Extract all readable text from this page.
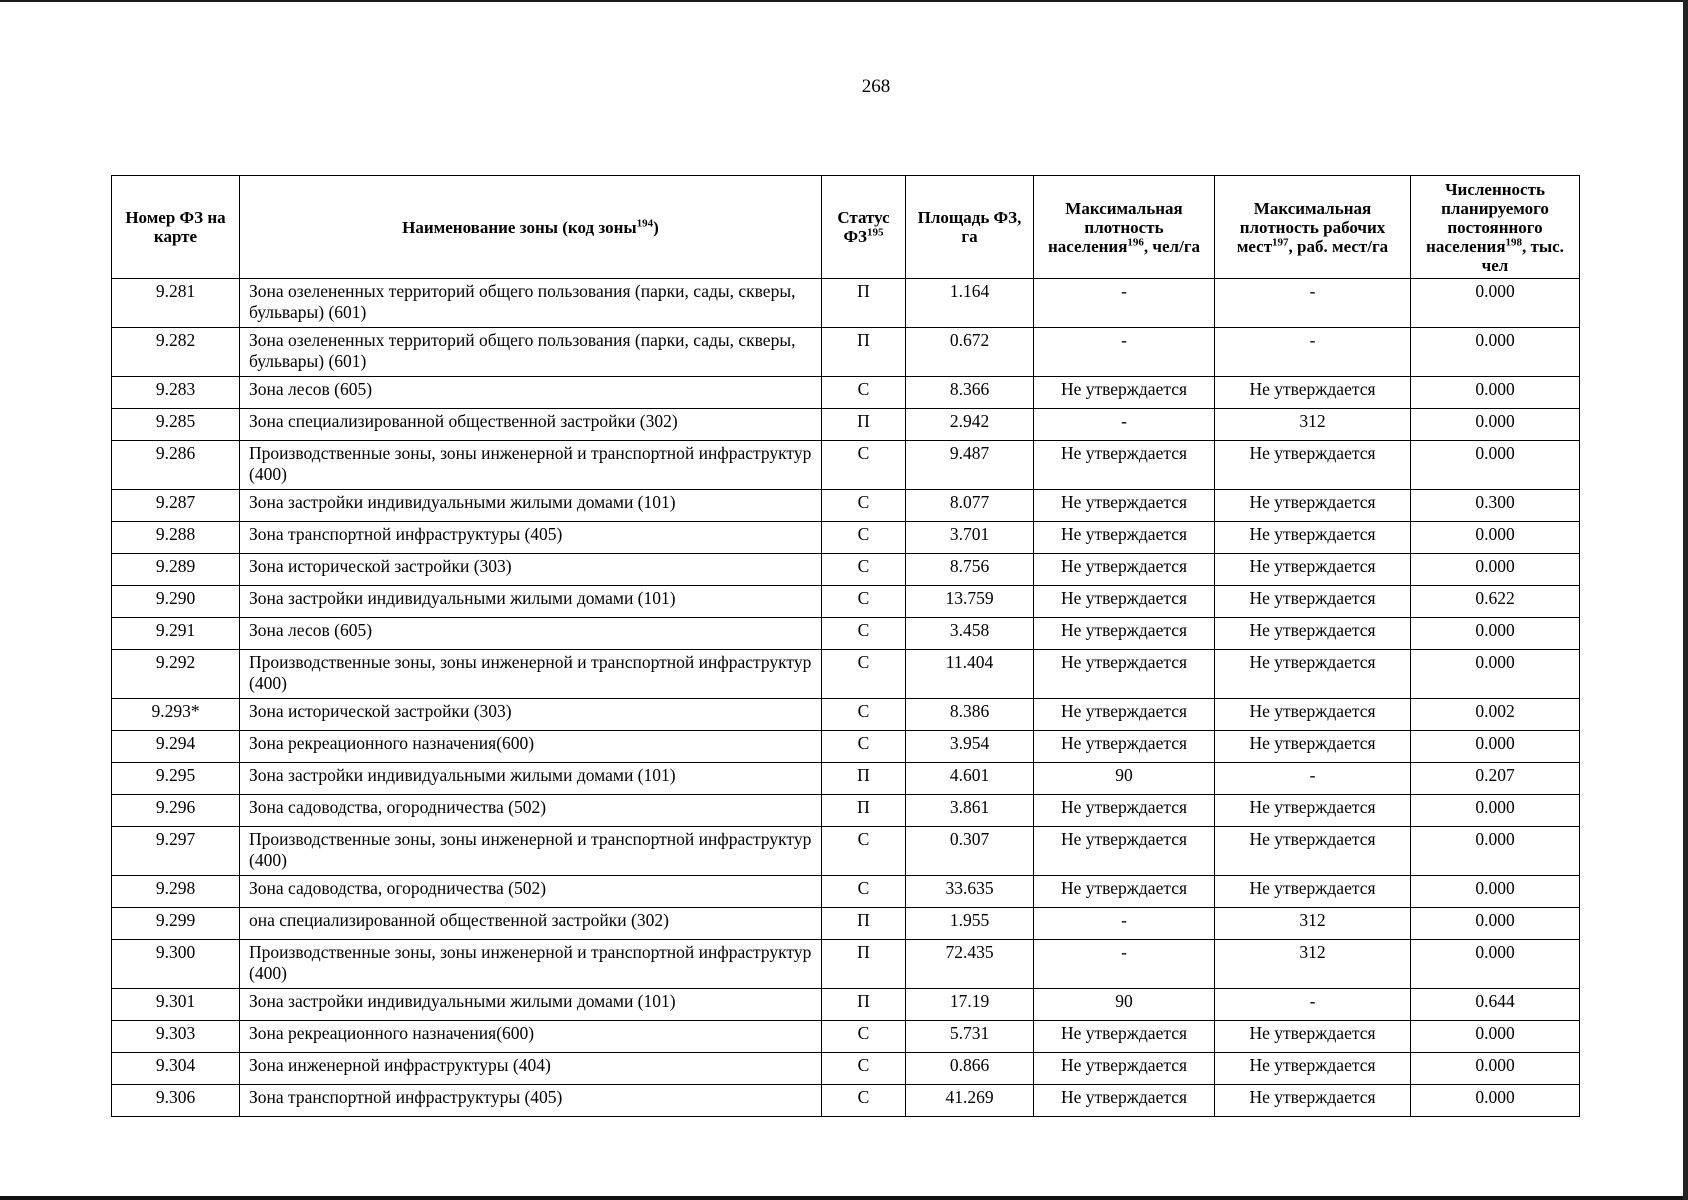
268
Номер ФЗ на карте	Наименование зоны (код зоны$^{194}$)	Статус ФЗ$^{195}$	Площадь ФЗ, га	Максимальная плотность населения$^{196}$, чел/га	Максимальная плотность рабочих мест$^{197}$, раб. мест/га	Численность планируемого постоянного населения$^{198}$, тыс. чел
9.281	Зона озелененных территорий общего пользования (парки, сады, скверы, бульвары) (601)	П	1.164	-	-	0.000
9.282	Зона озелененных территорий общего пользования (парки, сады, скверы, бульвары) (601)	П	0.672	-	-	0.000
9.283	Зона лесов (605)	С	8.366	Не утверждается	Не утверждается	0.000
9.285	Зона специализированной общественной застройки (302)	П	2.942	-	312	0.000
9.286	Производственные зоны, зоны инженерной и транспортной инфраструктур (400)	С	9.487	Не утверждается	Не утверждается	0.000
9.287	Зона застройки индивидуальными жилыми домами (101)	С	8.077	Не утверждается	Не утверждается	0.300
9.288	Зона транспортной инфраструктуры (405)	С	3.701	Не утверждается	Не утверждается	0.000
9.289	Зона исторической застройки (303)	С	8.756	Не утверждается	Не утверждается	0.000
9.290	Зона застройки индивидуальными жилыми домами (101)	С	13.759	Не утверждается	Не утверждается	0.622
9.291	Зона лесов (605)	С	3.458	Не утверждается	Не утверждается	0.000
9.292	Производственные зоны, зоны инженерной и транспортной инфраструктур (400)	С	11.404	Не утверждается	Не утверждается	0.000
9.293*	Зона исторической застройки (303)	С	8.386	Не утверждается	Не утверждается	0.002
9.294	Зона рекреационного назначения(600)	С	3.954	Не утверждается	Не утверждается	0.000
9.295	Зона застройки индивидуальными жилыми домами (101)	П	4.601	90	-	0.207
9.296	Зона садоводства, огородничества (502)	П	3.861	Не утверждается	Не утверждается	0.000
9.297	Производственные зоны, зоны инженерной и транспортной инфраструктур (400)	С	0.307	Не утверждается	Не утверждается	0.000
9.298	Зона садоводства, огородничества (502)	С	33.635	Не утверждается	Не утверждается	0.000
9.299	она специализированной общественной застройки (302)	П	1.955	-	312	0.000
9.300	Производственные зоны, зоны инженерной и транспортной инфраструктур (400)	П	72.435	-	312	0.000
9.301	Зона застройки индивидуальными жилыми домами (101)	П	17.19	90	-	0.644
9.303	Зона рекреационного назначения(600)	С	5.731	Не утверждается	Не утверждается	0.000
9.304	Зона инженерной инфраструктуры (404)	С	0.866	Не утверждается	Не утверждается	0.000
9.306	Зона транспортной инфраструктуры (405)	С	41.269	Не утверждается	Не утверждается	0.000
